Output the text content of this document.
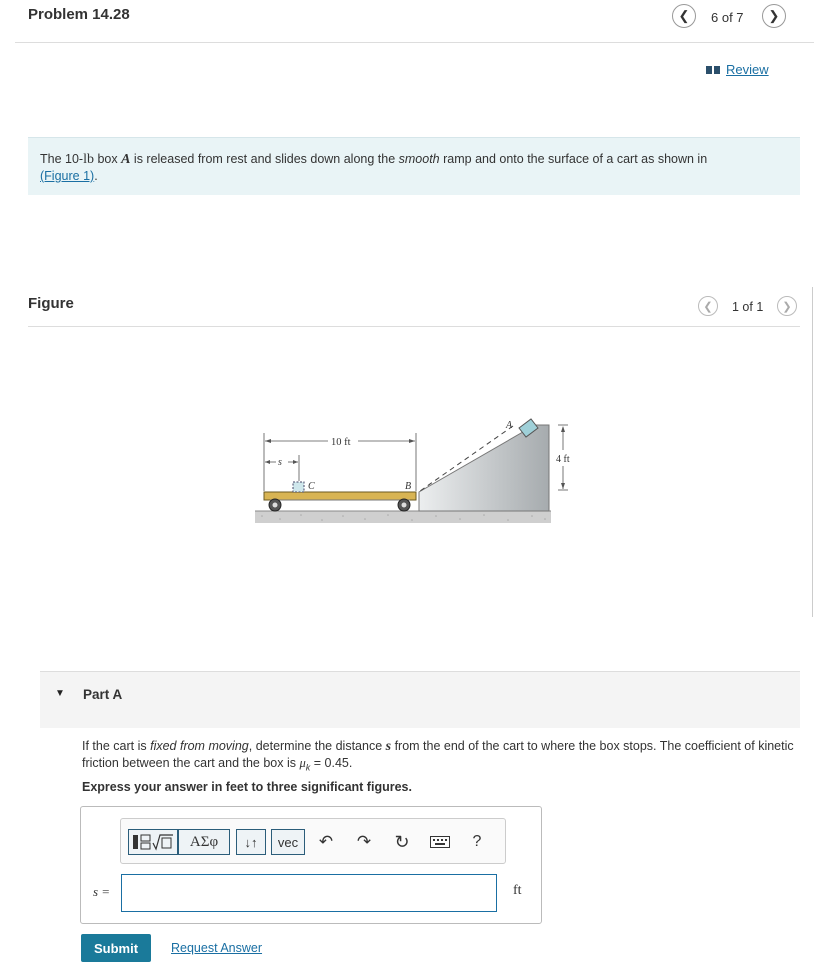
Problem 14.28	❮ 6 of 7 ❯
Review
The 10-lb box A is released from rest and slides down along the smooth ramp and onto the surface of a cart as shown in
(Figure 1).
Figure	❮ 1 of 1 ❯
10 ft
s
C	B
A
4 ft
▼ Part A
If the cart is fixed from moving, determine the distance s from the end of the cart to where the box stops. The coefficient of kinetic friction between the cart and the box is $\mu_k = 0.45$.
Express your answer in feet to three significant figures.
ΑΣφ	↓↑	vec	↶ ↷ ↻	?
s =	ft
Submit	Request Answer
